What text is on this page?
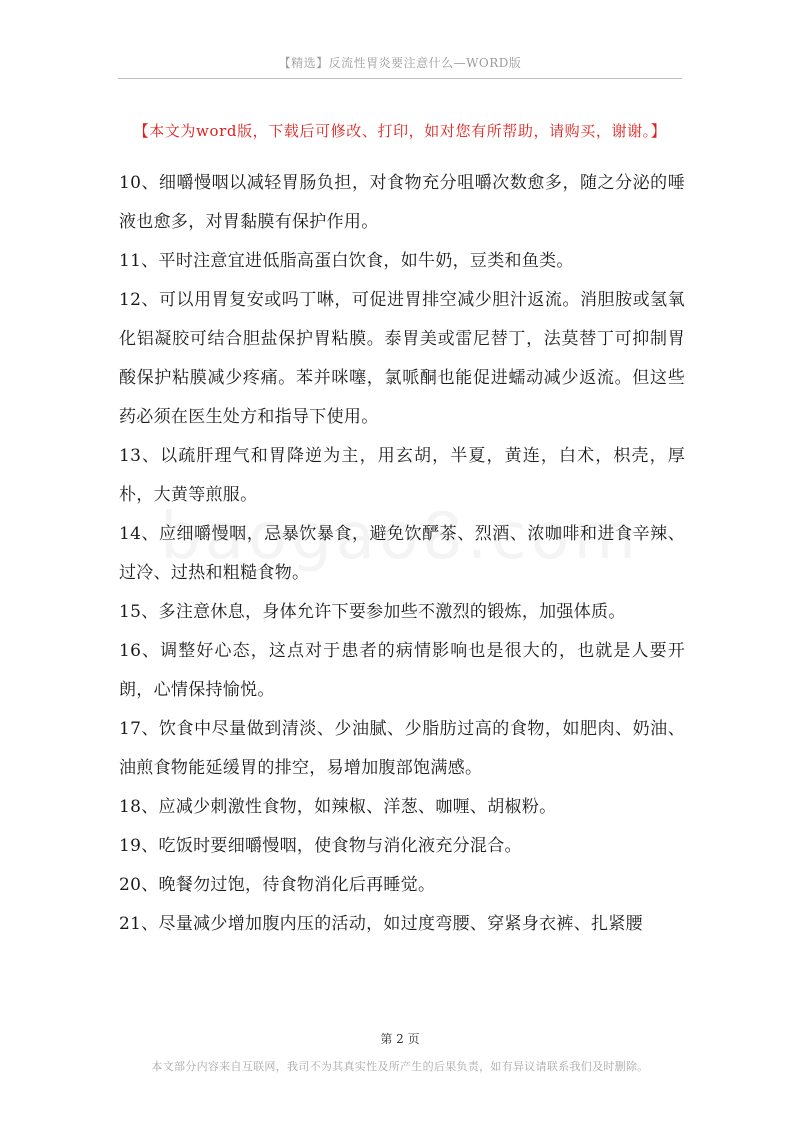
【精选】反流性胃炎要注意什么—WORD版
【本文为word版，下载后可修改、打印，如对您有所帮助，请购买，谢谢。】

10、细嚼慢咽以减轻胃肠负担，对食物充分咀嚼次数愈多，随之分泌的唾液也愈多，对胃黏膜有保护作用。

11、平时注意宜进低脂高蛋白饮食，如牛奶，豆类和鱼类。

12、可以用胃复安或吗丁啉，可促进胃排空减少胆汁返流。消胆胺或氢氧化铝凝胶可结合胆盐保护胃粘膜。泰胃美或雷尼替丁，法莫替丁可抑制胃酸保护粘膜减少疼痛。苯并咪噻，氯哌酮也能促进蠕动减少返流。但这些药必须在医生处方和指导下使用。

13、以疏肝理气和胃降逆为主，用玄胡，半夏，黄连，白术，枳壳，厚朴，大黄等煎服。

14、应细嚼慢咽，忌暴饮暴食，避免饮酽茶、烈酒、浓咖啡和进食辛辣、过冷、过热和粗糙食物。

15、多注意休息，身体允许下要参加些不激烈的锻炼，加强体质。

16、调整好心态，这点对于患者的病情影响也是很大的，也就是人要开朗，心情保持愉悦。

17、饮食中尽量做到清淡、少油腻、少脂肪过高的食物，如肥肉、奶油、油煎食物能延缓胃的排空，易增加腹部饱满感。

18、应减少刺激性食物，如辣椒、洋葱、咖喱、胡椒粉。

19、吃饭时要细嚼慢咽，使食物与消化液充分混合。

20、晚餐勿过饱，待食物消化后再睡觉。

21、尽量减少增加腹内压的活动，如过度弯腰、穿紧身衣裤、扎紧腰

第 2 页
本文部分内容来自互联网，我司不为其真实性及所产生的后果负责，如有异议请联系我们及时删除。
